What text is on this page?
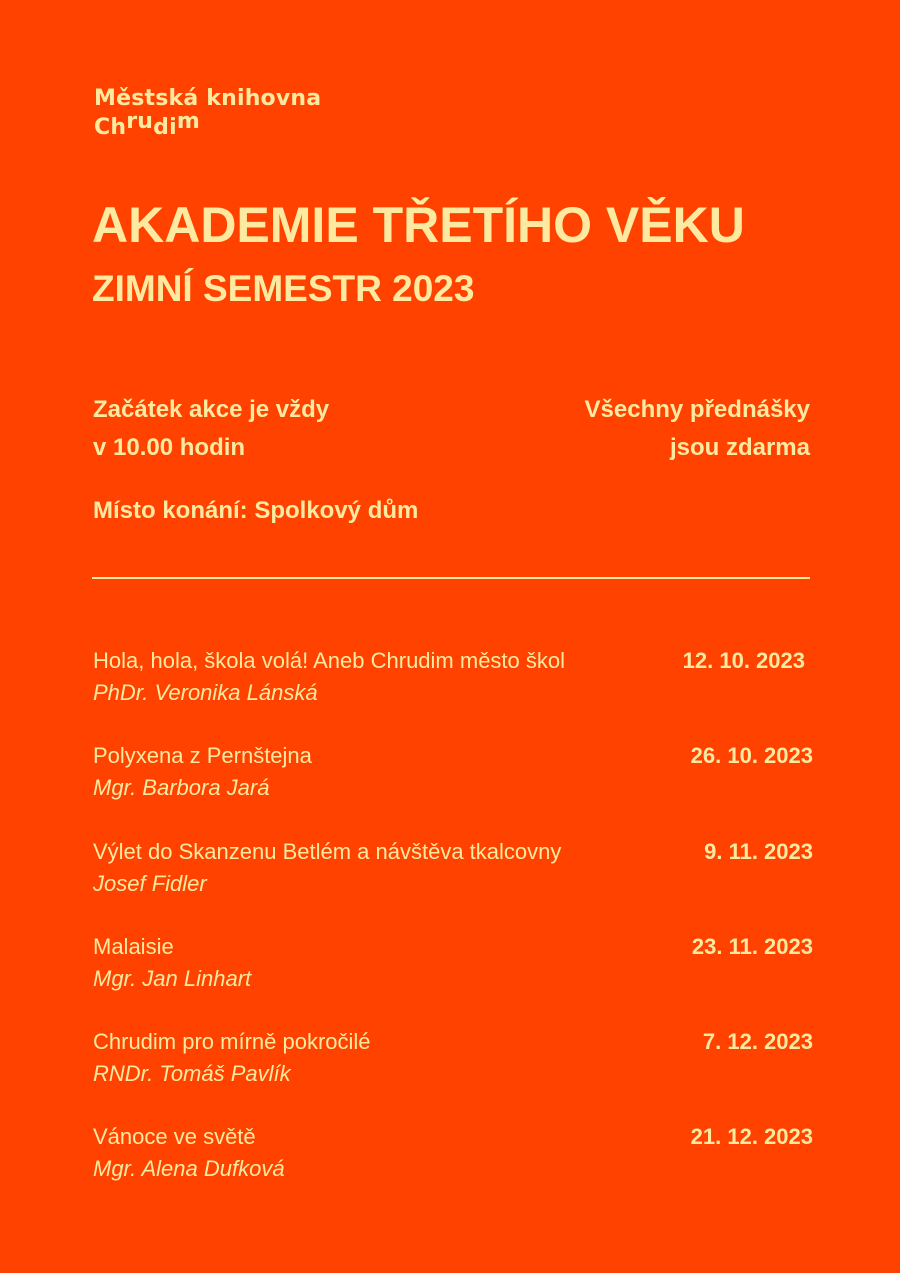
Městská knihovna
Chrudim
AKADEMIE TŘETÍHO VĚKU
ZIMNÍ SEMESTR 2023
Začátek akce je vždy
v 10.00 hodin
Všechny přednášky
jsou zdarma
Místo konání: Spolkový dům
Hola, hola, škola volá! Aneb Chrudim město škol
PhDr. Veronika Lánská
12. 10. 2023
Polyxena z Pernštejna
Mgr. Barbora Jará
26. 10. 2023
Výlet do Skanzenu Betlém a návštěva tkalcovny
Josef Fidler
9. 11. 2023
Malaisie
Mgr. Jan Linhart
23. 11. 2023
Chrudim pro mírně pokročilé
RNDr. Tomáš Pavlík
7. 12. 2023
Vánoce ve světě
Mgr. Alena Dufková
21. 12. 2023
